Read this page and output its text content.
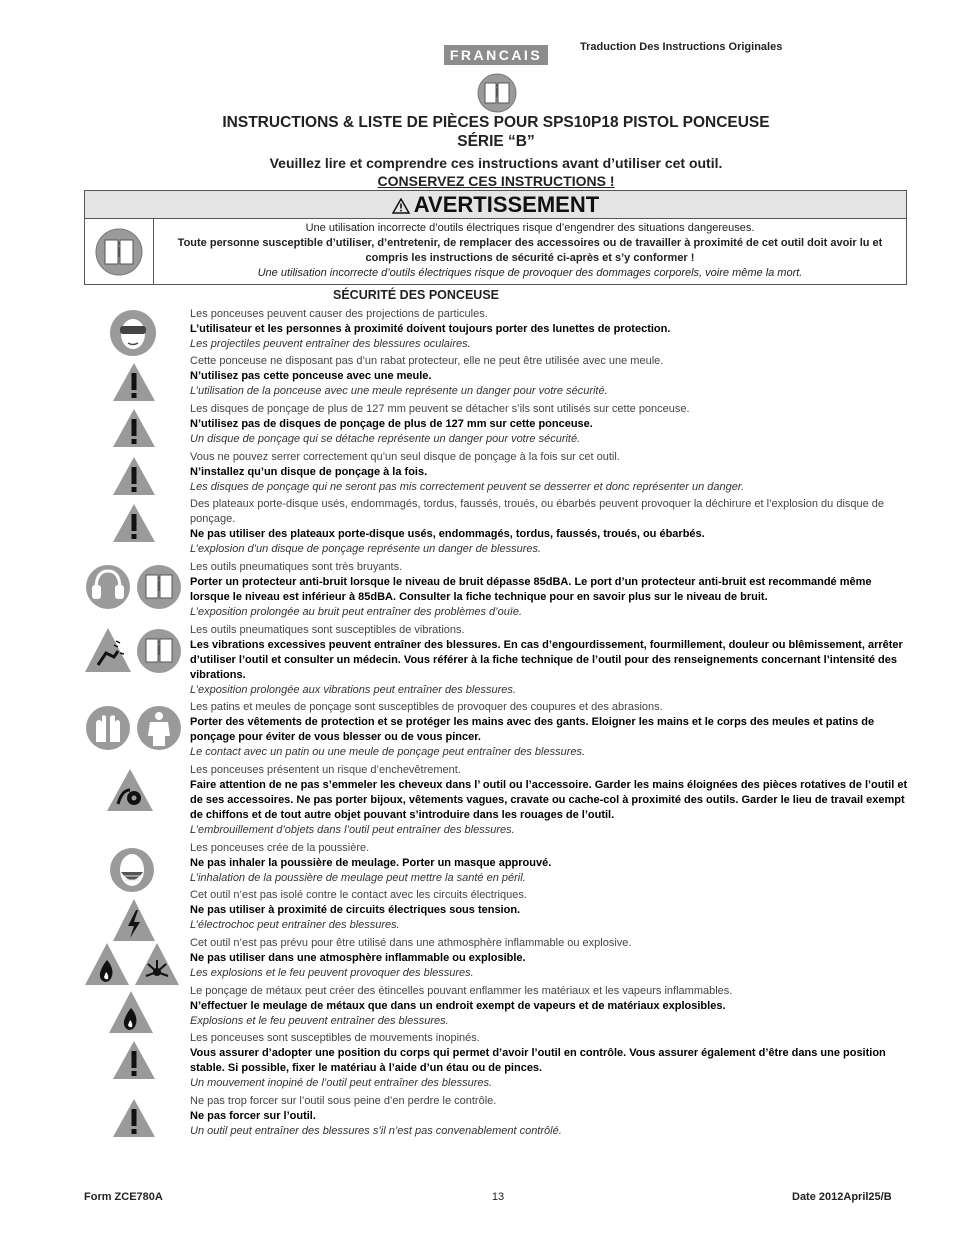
FRANCAIS	Traduction Des Instructions Originales
INSTRUCTIONS & LISTE DE PIÈCES POUR SPS10P18 PISTOL PONCEUSE
SÉRIE “B”
Veuillez lire et comprendre ces instructions avant d’utiliser cet outil.
CONSERVEZ CES INSTRUCTIONS !
AVERTISSEMENT
Une utilisation incorrecte d’outils électriques risque d’engendrer des situations dangereuses.
Toute personne susceptible d’utiliser, d’entretenir, de remplacer des accessoires ou de travailler à proximité de cet outil doit avoir lu et compris les instructions de sécurité ci-après et s’y conformer !
Une utilisation incorrecte d’outils électriques risque de provoquer des dommages corporels, voire même la mort.
SÉCURITÉ DES PONCEUSE
Les ponceuses peuvent causer des projections de particules.
L’utilisateur et les personnes à proximité doivent toujours porter des lunettes de protection.
Les projectiles peuvent entraîner des blessures oculaires.
Cette ponceuse ne disposant pas d’un rabat protecteur, elle ne peut être utilisée avec une meule.
N’utilisez pas cette ponceuse avec une meule.
L’utilisation de la ponceuse avec une meule représente un danger pour votre sécurité.
Les disques de ponçage de plus de 127 mm peuvent se détacher s’ils sont utilisés sur cette ponceuse.
N’utilisez pas de disques de ponçage de plus de 127 mm sur cette ponceuse.
Un disque de ponçage qui se détache représente un danger pour votre sécurité.
Vous ne pouvez serrer correctement qu’un seul disque de ponçage à la fois sur cet outil.
N’installez qu’un disque de ponçage à la fois.
Les disques de ponçage qui ne seront pas mis correctement peuvent se desserrer et donc représenter un danger.
Des plateaux porte-disque usés, endommagés, tordus, faussés, troués, ou ébarbés peuvent provoquer la déchirure et l’explosion du disque de ponçage.
Ne pas utiliser des plateaux porte-disque usés, endommagés, tordus, faussés, troués, ou ébarbés.
L’explosion d’un disque de ponçage représente un danger de blessures.
Les outils pneumatiques sont très bruyants.
Porter un protecteur anti-bruit lorsque le niveau de bruit dépasse 85dBA. Le port d’un protecteur anti-bruit est recommandé même lorsque le niveau est inférieur à 85dBA. Consulter la fiche technique pour en savoir plus sur le niveau de bruit.
L’exposition prolongée au bruit peut entraîner des problèmes d’ouïe.
Les outils pneumatiques sont susceptibles de vibrations.
Les vibrations excessives peuvent entraîner des blessures. En cas d’engourdissement, fourmillement, douleur ou blêmissement, arrêter d’utiliser l’outil et consulter un médecin. Vous référer à la fiche technique de l’outil pour des renseignements concernant l’intensité des vibrations.
L’exposition prolongée aux vibrations peut entraîner des blessures.
Les patins et meules de ponçage sont susceptibles de provoquer des coupures et des abrasions.
Porter des vêtements de protection et se protéger les mains avec des gants. Eloigner les mains et le corps des meules et patins de ponçage pour éviter de vous blesser ou de vous pincer.
Le contact avec un patin ou une meule de ponçage peut entraîner des blessures.
Les ponceuses présentent un risque d’enchevêtrement.
Faire attention de ne pas s’emmeler les cheveux dans l’ outil ou l’accessoire. Garder les mains éloignées des pièces rotatives de l’outil et de ses accessoires. Ne pas porter bijoux, vêtements vagues, cravate ou cache-col à proximité des outils. Garder le lieu de travail exempt de chiffons et de tout autre objet pouvant s’introduire dans les rouages de l’outil.
L’embrouillement d’objets dans l’outil peut entraîner des blessures.
Les ponceuses crée de la poussière.
Ne pas inhaler la poussière de meulage. Porter un masque approuvé.
L’inhalation de la poussière de meulage peut mettre la santé en péril.
Cet outil n’est pas isolé contre le contact avec les circuits électriques.
Ne pas utiliser à proximité de circuits électriques sous tension.
L’électrochoc peut entraîner des blessures.
Cet outil n’est pas prévu pour être utilisé dans une athmosphère inflammable ou explosive.
Ne pas utiliser dans une atmosphère inflammable ou explosible.
Les explosions et le feu peuvent provoquer des blessures.
Le ponçage de métaux peut créer des étincelles pouvant enflammer les matériaux et les vapeurs inflammables.
N’effectuer le meulage de métaux que dans un endroit exempt de vapeurs et de matériaux explosibles.
Explosions et le feu peuvent entraîner des blessures.
Les ponceuses sont susceptibles de mouvements inopinés.
Vous assurer d’adopter une position du corps qui permet d’avoir l’outil en contrôle. Vous assurer également d’être dans une position stable. Si possible, fixer le matériau à l’aide d’un étau ou de pinces.
Un mouvement inopiné de l’outil peut entraîner des blessures.
Ne pas trop forcer sur l’outil sous peine d’en perdre le contrôle.
Ne pas forcer sur l’outil.
Un outil peut entraîner des blessures s’il n’est pas convenablement contrôlé.
Form ZCE780A	13	Date 2012April25/B
